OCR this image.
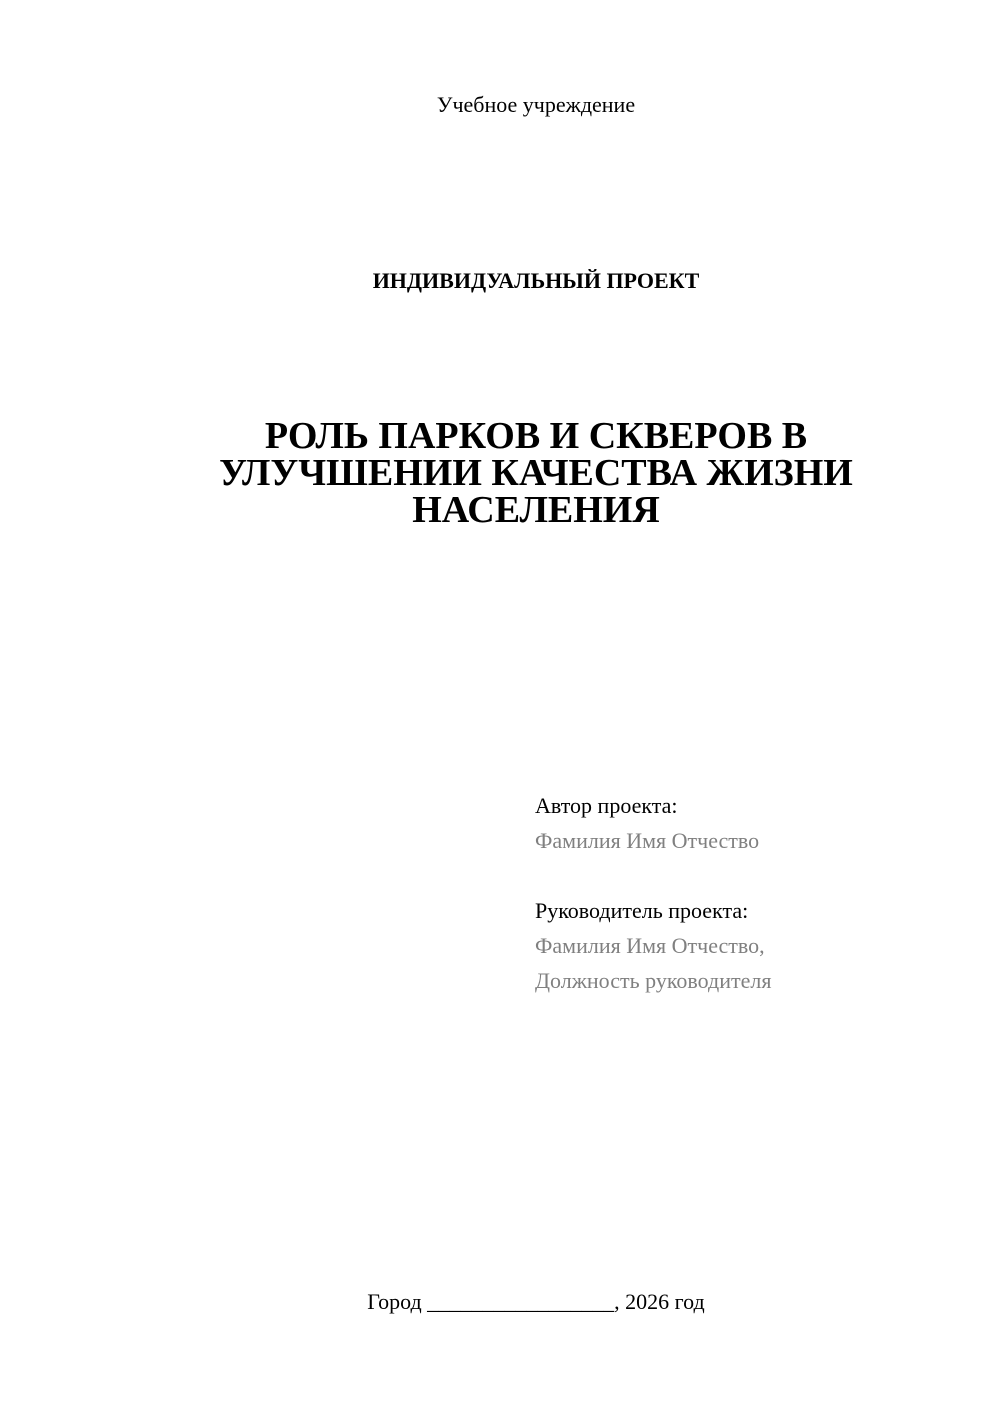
Учебное учреждение
ИНДИВИДУАЛЬНЫЙ ПРОЕКТ
РОЛЬ ПАРКОВ И СКВЕРОВ В
УЛУЧШЕНИИ КАЧЕСТВА ЖИЗНИ
НАСЕЛЕНИЯ
Автор проекта:
Фамилия Имя Отчество
Руководитель проекта:
Фамилия Имя Отчество,
Должность руководителя
Город _________________, 2026 год
